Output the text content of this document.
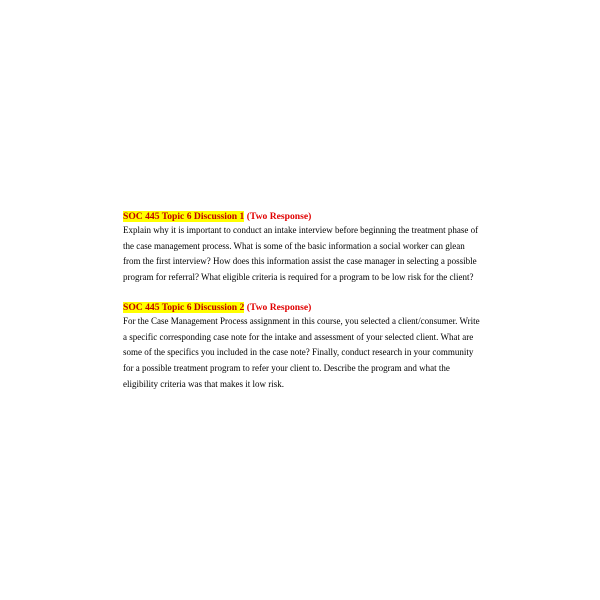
SOC 445 Topic 6 Discussion 1 (Two Response)

Explain why it is important to conduct an intake interview before beginning the treatment phase of the case management process. What is some of the basic information a social worker can glean from the first interview? How does this information assist the case manager in selecting a possible program for referral? What eligible criteria is required for a program to be low risk for the client?

SOC 445 Topic 6 Discussion 2 (Two Response)

For the Case Management Process assignment in this course, you selected a client/consumer. Write a specific corresponding case note for the intake and assessment of your selected client. What are some of the specifics you included in the case note? Finally, conduct research in your community for a possible treatment program to refer your client to. Describe the program and what the eligibility criteria was that makes it low risk.
